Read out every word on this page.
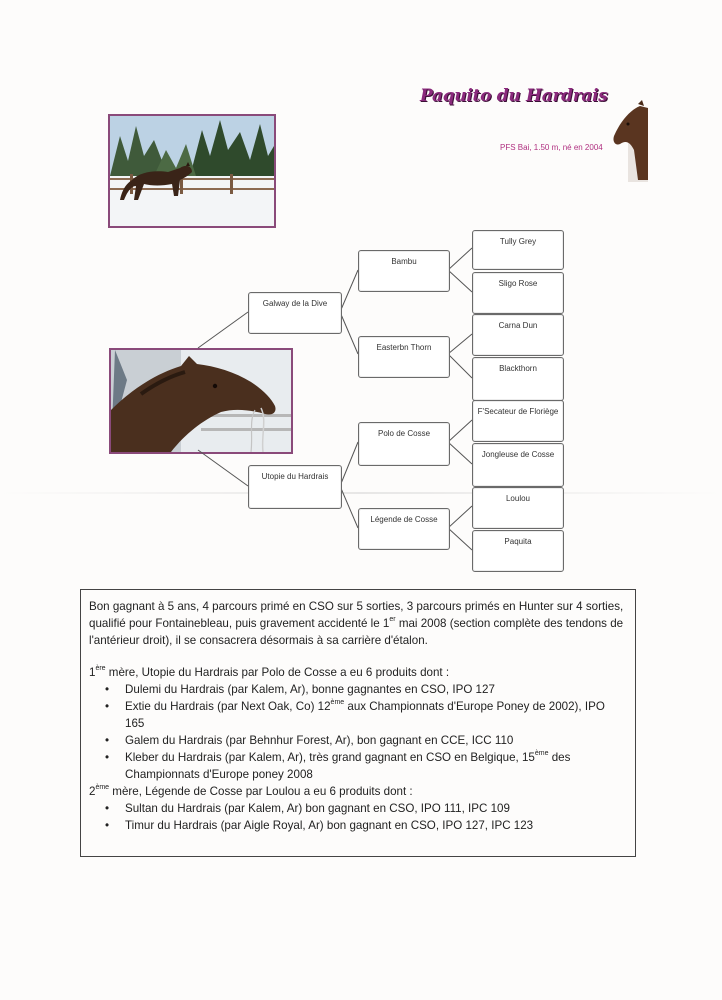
Paquito du Hardrais
PFS Bai, 1.50 m, né en 2004
Galway de la Dive
Utopie du Hardrais
Bambu
Easterbn Thorn
Polo de Cosse
Légende de Cosse
Tully Grey
Sligo Rose
Carna Dun
Blackthorn
F'Secateur de Floriège
Jongleuse de Cosse
Loulou
Paquita

Bon gagnant à 5 ans, 4 parcours primé en CSO sur 5 sorties, 3 parcours primés en Hunter sur 4 sorties, qualifié pour Fontainebleau, puis gravement accidenté le 1er mai 2008 (section complète des tendons de l'antérieur droit), il se consacrera désormais à sa carrière d'étalon.

1ère mère, Utopie du Hardrais par Polo de Cosse a eu 6 produits dont :

• Dulemi du Hardrais (par Kalem, Ar), bonne gagnantes en CSO, IPO 127
• Extie du Hardrais (par Next Oak, Co) 12ème aux Championnats d'Europe Poney de 2002), IPO 165
• Galem du Hardrais (par Behnhur Forest, Ar), bon gagnant en CCE, ICC 110
• Kleber du Hardrais (par Kalem, Ar), très grand gagnant en CSO en Belgique, 15ème des Championnats d'Europe poney 2008

2ème mère, Légende de Cosse par Loulou a eu 6 produits dont :

• Sultan du Hardrais (par Kalem, Ar) bon gagnant en CSO, IPO 111, IPC 109
• Timur du Hardrais (par Aigle Royal, Ar) bon gagnant en CSO, IPO 127, IPC 123
